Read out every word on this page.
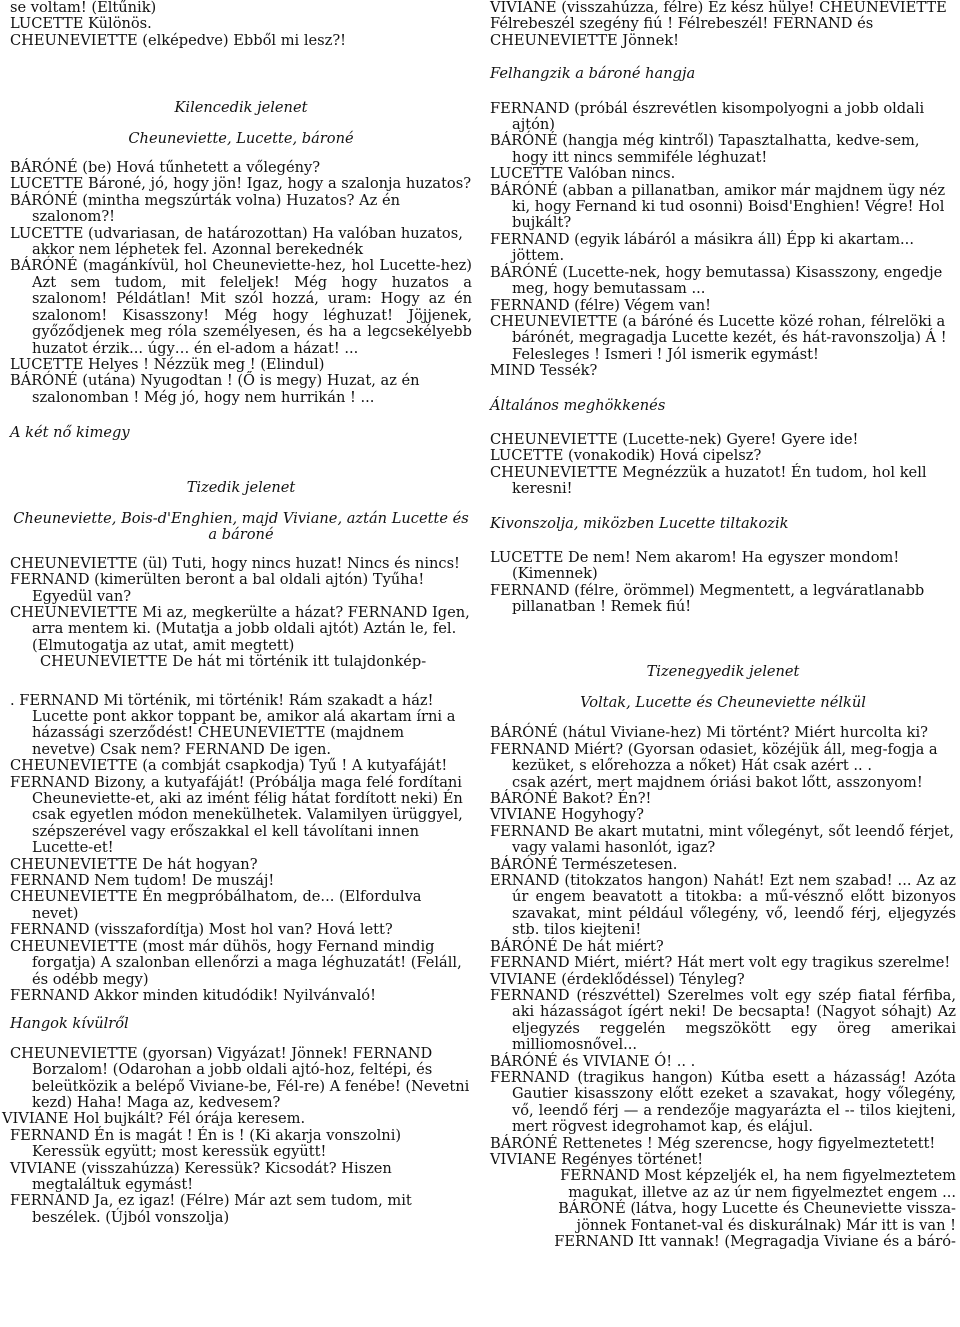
se voltam! (Eltűnik)

LUCETTE Különös.

CHEUNEVIETTE (elképedve) Ebből mi lesz?!

Kilencedik jelenet

Cheuneviette, Lucette, bároné

BÁRÓNÉ (be) Hová tűnhetett a vőlegény?

LUCETTE Bároné, jó, hogy jön! Igaz, hogy a szalonja huzatos?

BÁRÓNÉ (mintha megszúrták volna) Huzatos? Az én szalonom?!

LUCETTE (udvariasan, de határozottan) Ha valóban huzatos, akkor nem léphetek fel. Azonnal berekednék

BÁRÓNÉ (magánkívül, hol Cheuneviette-hez, hol Lucette-hez) Azt sem tudom, mit feleljek! Még hogy huzatos a szalonom! Példátlan! Mit szól hozzá, uram: Hogy az én szalonom! Kisasszony! Még hogy léghuzat! Jöjjenek, győződjenek meg róla személyesen, és ha a legcsekélyebb huzatot érzik... úgy… én el-adom a házat! ...

LUCETTE Helyes ! Nézzük meg ! (Elindul)

BÁRÓNÉ (utána) Nyugodtan ! (Ő is megy) Huzat, az én szalonomban ! Még jó, hogy nem hurrikán ! ...

A két nő kimegy

Tizedik jelenet

Cheuneviette, Bois-d'Enghien, majd Viviane, aztán Lucette és a bároné

CHEUNEVIETTE (ül) Tuti, hogy nincs huzat! Nincs és nincs!

FERNAND (kimerülten beront a bal oldali ajtón) Tyűha! Egyedül van?

CHEUNEVIETTE Mi az, megkerülte a házat? FERNAND Igen, arra mentem ki. (Mutatja a jobb oldali ajtót) Aztán le, fel. (Elmutogatja az utat, amit megtett)

CHEUNEVIETTE De hát mi történik itt tulajdonkép-

. FERNAND Mi történik, mi történik! Rám szakadt a ház! Lucette pont akkor toppant be, amikor alá akartam írni a házassági szerződést! CHEUNEVIETTE (majdnem nevetve) Csak nem? FERNAND De igen.

CHEUNEVIETTE (a combját csapkodja) Tyű ! A kutyafáját!

FERNAND Bizony, a kutyafáját! (Próbálja maga felé fordítani Cheuneviette-et, aki az imént félig hátat fordított neki) Én csak egyetlen módon menekülhetek. Valamilyen ürüggyel, szépszerével vagy erőszakkal el kell távolítani innen Lucette-et!

CHEUNEVIETTE De hát hogyan?

FERNAND Nem tudom! De muszáj!

CHEUNEVIETTE Én megpróbálhatom, de... (Elfordulva nevet)

FERNAND (visszafordítja) Most hol van? Hová lett?

CHEUNEVIETTE (most már dühös, hogy Fernand mindig forgatja) A szalonban ellenőrzi a maga léghuzatát! (Feláll, és odébb megy)

FERNAND Akkor minden kitudódik! Nyilvánvaló!

Hangok kívülről

CHEUNEVIETTE (gyorsan) Vigyázat! Jönnek! FERNAND Borzalom! (Odarohan a jobb oldali ajtó-hoz, feltépi, és beleütközik a belépő Viviane-be, Fél-re) A fenébe! (Nevetni kezd) Haha! Maga az, kedvesem?

VIVIANE Hol bujkált? Fél órája keresem.

FERNAND Én is magát ! Én is ! (Ki akarja vonszolni) Keressük együtt; most keressük együtt!

VIVIANE (visszahúzza) Keressük? Kicsodát? Hiszen megtaláltuk egymást!

FERNAND Ja, ez igaz! (Félre) Már azt sem tudom, mit beszélek. (Újból vonszolja)

VIVIANE (visszahúzza, félre) Ez kész hülye! CHEUNEVIETTE Félrebeszél szegény fiú ! Félrebeszél! FERNAND és CHEUNEVIETTE Jönnek!

Felhangzik a bároné hangja

FERNAND (próbál észrevétlen kisompolyogni a jobb oldali ajtón)

BÁRÓNÉ (hangja még kintről) Tapasztalhatta, kedve-sem, hogy itt nincs semmiféle léghuzat!

LUCETTE Valóban nincs.

BÁRÓNÉ (abban a pillanatban, amikor már majdnem ügy néz ki, hogy Fernand ki tud osonni) Boisd'Enghien! Végre! Hol bujkált?

FERNAND (egyik lábáról a másikra áll) Épp ki akartam... jöttem.

BÁRÓNÉ (Lucette-nek, hogy bemutassa) Kisasszony, engedje meg, hogy bemutassam ...

FERNAND (félre) Végem van!

CHEUNEVIETTE (a báróné és Lucette közé rohan, félrelöki a bárónét, megragadja Lucette kezét, és hát-ravonszolja) Á ! Felesleges ! Ismeri ! Jól ismerik egymást!

MIND Tessék?

Általános meghökkenés

CHEUNEVIETTE (Lucette-nek) Gyere! Gyere ide!

LUCETTE (vonakodik) Hová cipelsz?

CHEUNEVIETTE Megnézzük a huzatot! Én tudom, hol kell keresni!

Kivonszolja, miközben Lucette tiltakozik

LUCETTE De nem! Nem akarom! Ha egyszer mondom! (Kimennek)

FERNAND (félre, örömmel) Megmentett, a legváratlanabb pillanatban ! Remek fiú!

Tizenegyedik jelenet

Voltak, Lucette és Cheuneviette nélkül

BÁRÓNÉ (hátul Viviane-hez) Mi történt? Miért hurcolta ki?

FERNAND Miért? (Gyorsan odasiet, közéjük áll, meg-fogja a kezüket, s előrehozza a nőket) Hát csak azért .. .

csak azért, mert majdnem óriási bakot lőtt, asszonyom!

BÁRÓNÉ Bakot? Én?!

VIVIANE Hogyhogy?

FERNAND Be akart mutatni, mint vőlegényt, sőt leendő férjet, vagy valami hasonlót, igaz?

BÁRÓNÉ Természetesen.

ERNAND (titokzatos hangon) Nahát! Ezt nem szabad! ... Az az úr engem beavatott a titokba: a mű-vésznő előtt bizonyos szavakat, mint például vőlegény, vő, leendő férj, eljegyzés stb. tilos kiejteni!

BÁRÓNÉ De hát miért?

FERNAND Miért, miért? Hát mert volt egy tragikus szerelme!

VIVIANE (érdeklődéssel) Tényleg?

FERNAND (részvéttel) Szerelmes volt egy szép fiatal férfiba, aki házasságot ígért neki! De becsapta! (Nagyot sóhajt) Az eljegyzés reggelén megszökött egy öreg amerikai milliomosnővel...

BÁRÓNÉ és VIVIANE Ó! .. .

FERNAND (tragikus hangon) Kútba esett a házasság! Azóta Gautier kisasszony előtt ezeket a szavakat, hogy vőlegény, vő, leendő férj — a rendezője magyarázta el -- tilos kiejteni, mert rögvest idegrohamot kap, és elájul.

BÁRÓNÉ Rettenetes ! Még szerencse, hogy figyelmeztetett!

VIVIANE Regényes történet!

FERNAND Most képzeljék el, ha nem figyelmeztetem magukat, illetve az az úr nem figyelmeztet engem ... BÁRÓNÉ (látva, hogy Lucette és Cheuneviette vissza-jönnek Fontanet-val és diskurálnak) Már itt is van ! FERNAND Itt vannak! (Megragadja Viviane és a báró-
